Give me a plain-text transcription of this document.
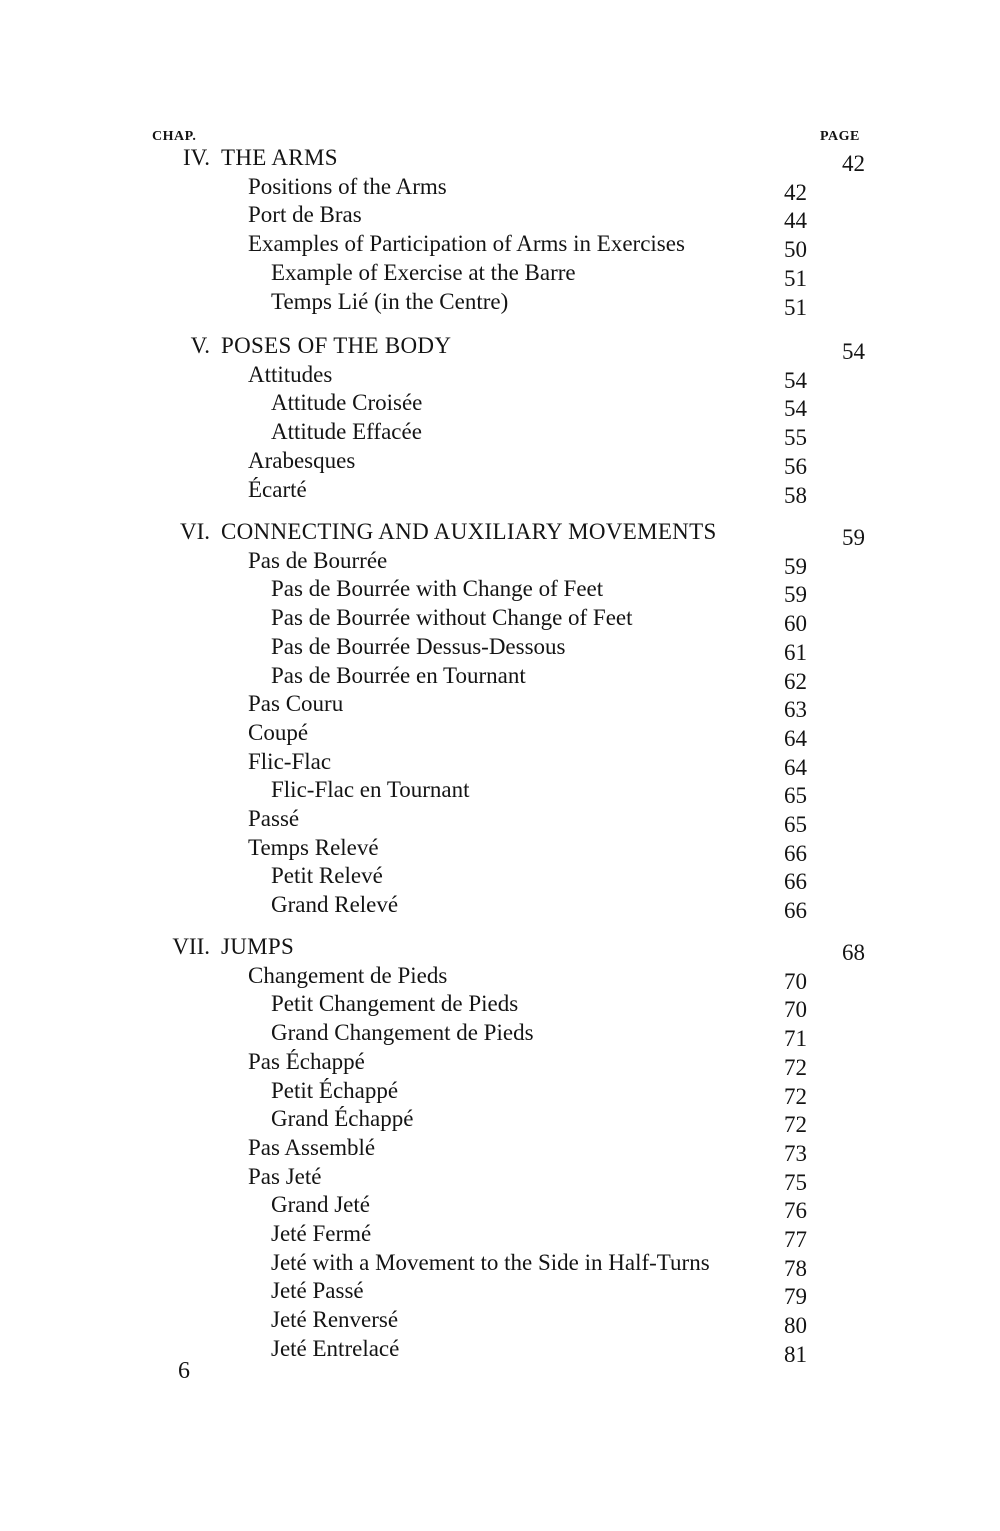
CHAP.	PAGE
IV. THE ARMS	42
Positions of the Arms	42
Port de Bras	44
Examples of Participation of Arms in Exercises	50
Example of Exercise at the Barre	51
Temps Lié (in the Centre)	51
V. POSES OF THE BODY	54
Attitudes	54
Attitude Croisée	54
Attitude Effacée	55
Arabesques	56
Écarté	58
VI. CONNECTING AND AUXILIARY MOVEMENTS	59
Pas de Bourrée	59
Pas de Bourrée with Change of Feet	59
Pas de Bourrée without Change of Feet	60
Pas de Bourrée Dessus-Dessous	61
Pas de Bourrée en Tournant	62
Pas Couru	63
Coupé	64
Flic-Flac	64
Flic-Flac en Tournant	65
Passé	65
Temps Relevé	66
Petit Relevé	66
Grand Relevé	66
VII. JUMPS	68
Changement de Pieds	70
Petit Changement de Pieds	70
Grand Changement de Pieds	71
Pas Échappé	72
Petit Échappé	72
Grand Échappé	72
Pas Assemblé	73
Pas Jeté	75
Grand Jeté	76
Jeté Fermé	77
Jeté with a Movement to the Side in Half-Turns	78
Jeté Passé	79
Jeté Renversé	80
Jeté Entrelacé	81
6
